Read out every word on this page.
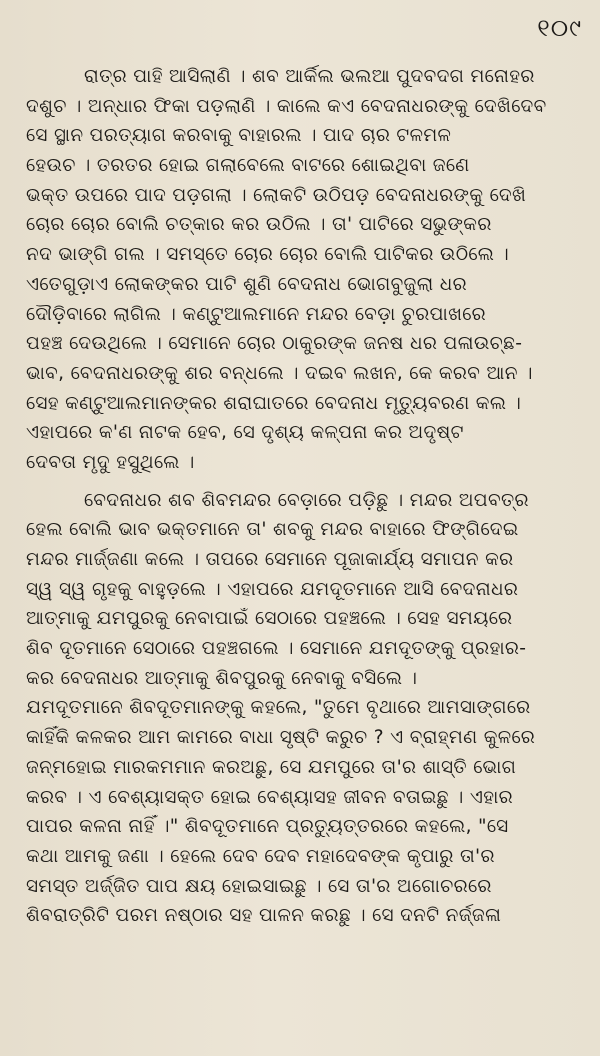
୧୦୯
ରାତ୍ର ପାହି ଆସିଲାଣି । ଶବ ଆର୍କିଲ ଭଲଆ ପୁଦବଦଗ ମନୋହର
ଦଶୁଚ । ଅନ୍ଧାର ଫିକା ପଡ଼ଲାଣି । କାଲେ କଏ ବେଦନାଧରଙ୍କୁ ଦେଖିଦେବ
ସେ ସ୍ଥାନ ପରତ୍ୟାଗ କରବାକୁ ବାହାରଲ । ପାଦ ଚାର ଟଳମଳ
ହେଉଚ । ତରତର ହୋଇ ଗଲାବେଲେ ବାଟରେ ଶୋଇଥିବା ଜଣେ
ଭକ୍ତ ଉପରେ ପାଦ ପଡ଼ଗଲା । ଲୋକଟି ଉଠିପଡ଼ ବେଦନାଧରଙ୍କୁ ଦେଖି
ଚୋର ଚୋର ବୋଲି ଚତ୍କାର କର ଉଠିଲ । ତା' ପାଟିରେ ସଭୁଙ୍କର
ନଦ ଭାଙ୍ଗି ଗଲ । ସମସ୍ତେ ଚୋର ଚୋର ବୋଲି ପାଟିକର ଉଠିଲେ ।
ଏତେଗୁଡ଼ାଏ ଲୋକଙ୍କର ପାଟି ଶୁଣି ବେଦନାଧ ଭୋଗବୁଜୁଲା ଧର
ଦୌଡ଼ିବାରେ ଲାଗିଲ । କଣ୍ଟୁଆଲମାନେ ମନ୍ଦର ବେଡ଼ା ଚୁରପାଖରେ
ପହଞ୍ଚ ଦେଉଥିଲେ । ସେମାନେ ଚୋର ଠାକୁରଙ୍କ ଜନଷ ଧର ପଳାଉଚ୍ଛ-
ଭାବ, ବେଦନାଧରଙ୍କୁ ଶର ବନ୍ଧଲେ । ଦଇବ ଲଖନ, କେ କରବ ଆନ ।
ସେହ କଣ୍ଟୁଆଲମାନଙ୍କର ଶରାଘାତରେ ବେଦନାଧ ମୃତ୍ୟୁବରଣ କଲ ।
ଏହାପରେ କ'ଣ ନାଟକ ହେବ, ସେ ଦୃଶ୍ୟ କଳ୍ପନା କର ଅଦୃଷ୍ଟ
ଦେବତା ମୃଦୁ ହସୁଥିଲେ ।
ବେଦନାଧର ଶବ ଶିବମନ୍ଦର ବେଡ଼ାରେ ପଡ଼ିଛୁ । ମନ୍ଦର ଅପବତ୍ର
ହେଲ ବୋଲି ଭାବ ଭକ୍ତମାନେ ତା' ଶବକୁ ମନ୍ଦର ବାହାରେ ଫିଙ୍ଗିଦେଇ
ମନ୍ଦର ମାର୍ଜ୍ଜଣା କଲେ । ତାପରେ ସେମାନେ ପୂଜାକାର୍ଯ୍ୟ ସମାପନ କର
ସ୍ୱ ସ୍ୱ ଗୃହକୁ ବାହୁଡ଼ଲେ । ଏହାପରେ ଯମଦୂତମାନେ ଆସି ବେଦନାଧର
ଆତ୍ମାକୁ ଯମପୁରକୁ ନେବାପାଇଁ ସେଠାରେ ପହଞ୍ଚଲେ । ସେହ ସମୟରେ
ଶିବ ଦୂତମାନେ ସେଠାରେ ପହଞ୍ଚଗଲେ । ସେମାନେ ଯମଦୂତଙ୍କୁ ପ୍ରହାର-
କର ବେଦନାଧର ଆତ୍ମାକୁ ଶିବପୁରକୁ ନେବାକୁ ବସିଲେ ।
ଯମଦୂତମାନେ ଶିବଦୂତମାନଙ୍କୁ କହଲେ, "ତୁମେ ବୃଥାରେ ଆମସାଙ୍ଗରେ
କାହିଁକି କଳକର ଆମ କାମରେ ବାଧା ସୃଷ୍ଟି କରୁଚ ? ଏ ବ୍ରାହ୍ମଣ କୁଳରେ
ଜନ୍ମହୋଇ ମାରକମମାନ କରଅଛୁ, ସେ ଯମପୁରେ ତା'ର ଶାସ୍ତି ଭୋଗ
କରବ । ଏ ବେଶ୍ୟାସକ୍ତ ହୋଇ ବେଶ୍ୟାସହ ଜୀବନ ବତାଇଛୁ । ଏହାର
ପାପର କଳନା ନାହିଁ ।" ଶିବଦୂତମାନେ ପ୍ରତ୍ୟୁତ୍ତରରେ କହଲେ, "ସେ
କଥା ଆମକୁ ଜଣା । ହେଲେ ଦେବ ଦେବ ମହାଦେବଙ୍କ କୃପାରୁ ତା'ର
ସମସ୍ତ ଅର୍ଜ୍ଜିତ ପାପ କ୍ଷୟ ହୋଇସାଇଛୁ । ସେ ତା'ର ଅଗୋଚରରେ
ଶିବରାତ୍ରିଟି ପରମ ନଷ୍ଠାର ସହ ପାଳନ କରଛୁ । ସେ ଦନଟି ନର୍ଜ୍ଜଳା
